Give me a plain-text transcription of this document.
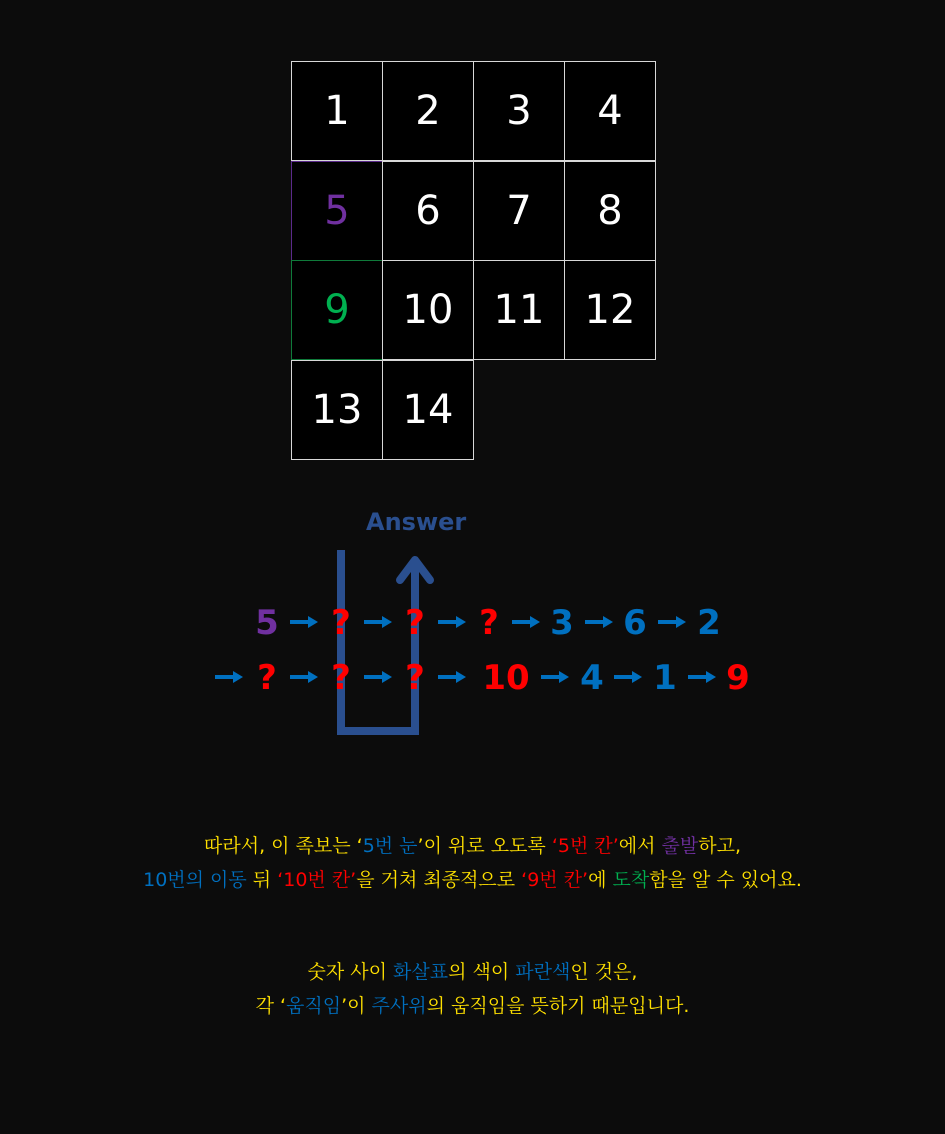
1	2	3	4
5	6	7	8
9	10	11	12
13	14
5 ? ? ? 3 6 2
? ? ? 10 4 1 9
Answer
따라서, 이 족보는 ‘5번 눈’이 위로 오도록 ‘5번 칸’에서 출발하고,
10번의 이동 뒤 ‘10번 칸’을 거쳐 최종적으로 ‘9번 칸’에 도착함을 알 수 있어요.
숫자 사이 화살표의 색이 파란색인 것은,
각 ‘움직임’이 주사위의 움직임을 뜻하기 때문입니다.
